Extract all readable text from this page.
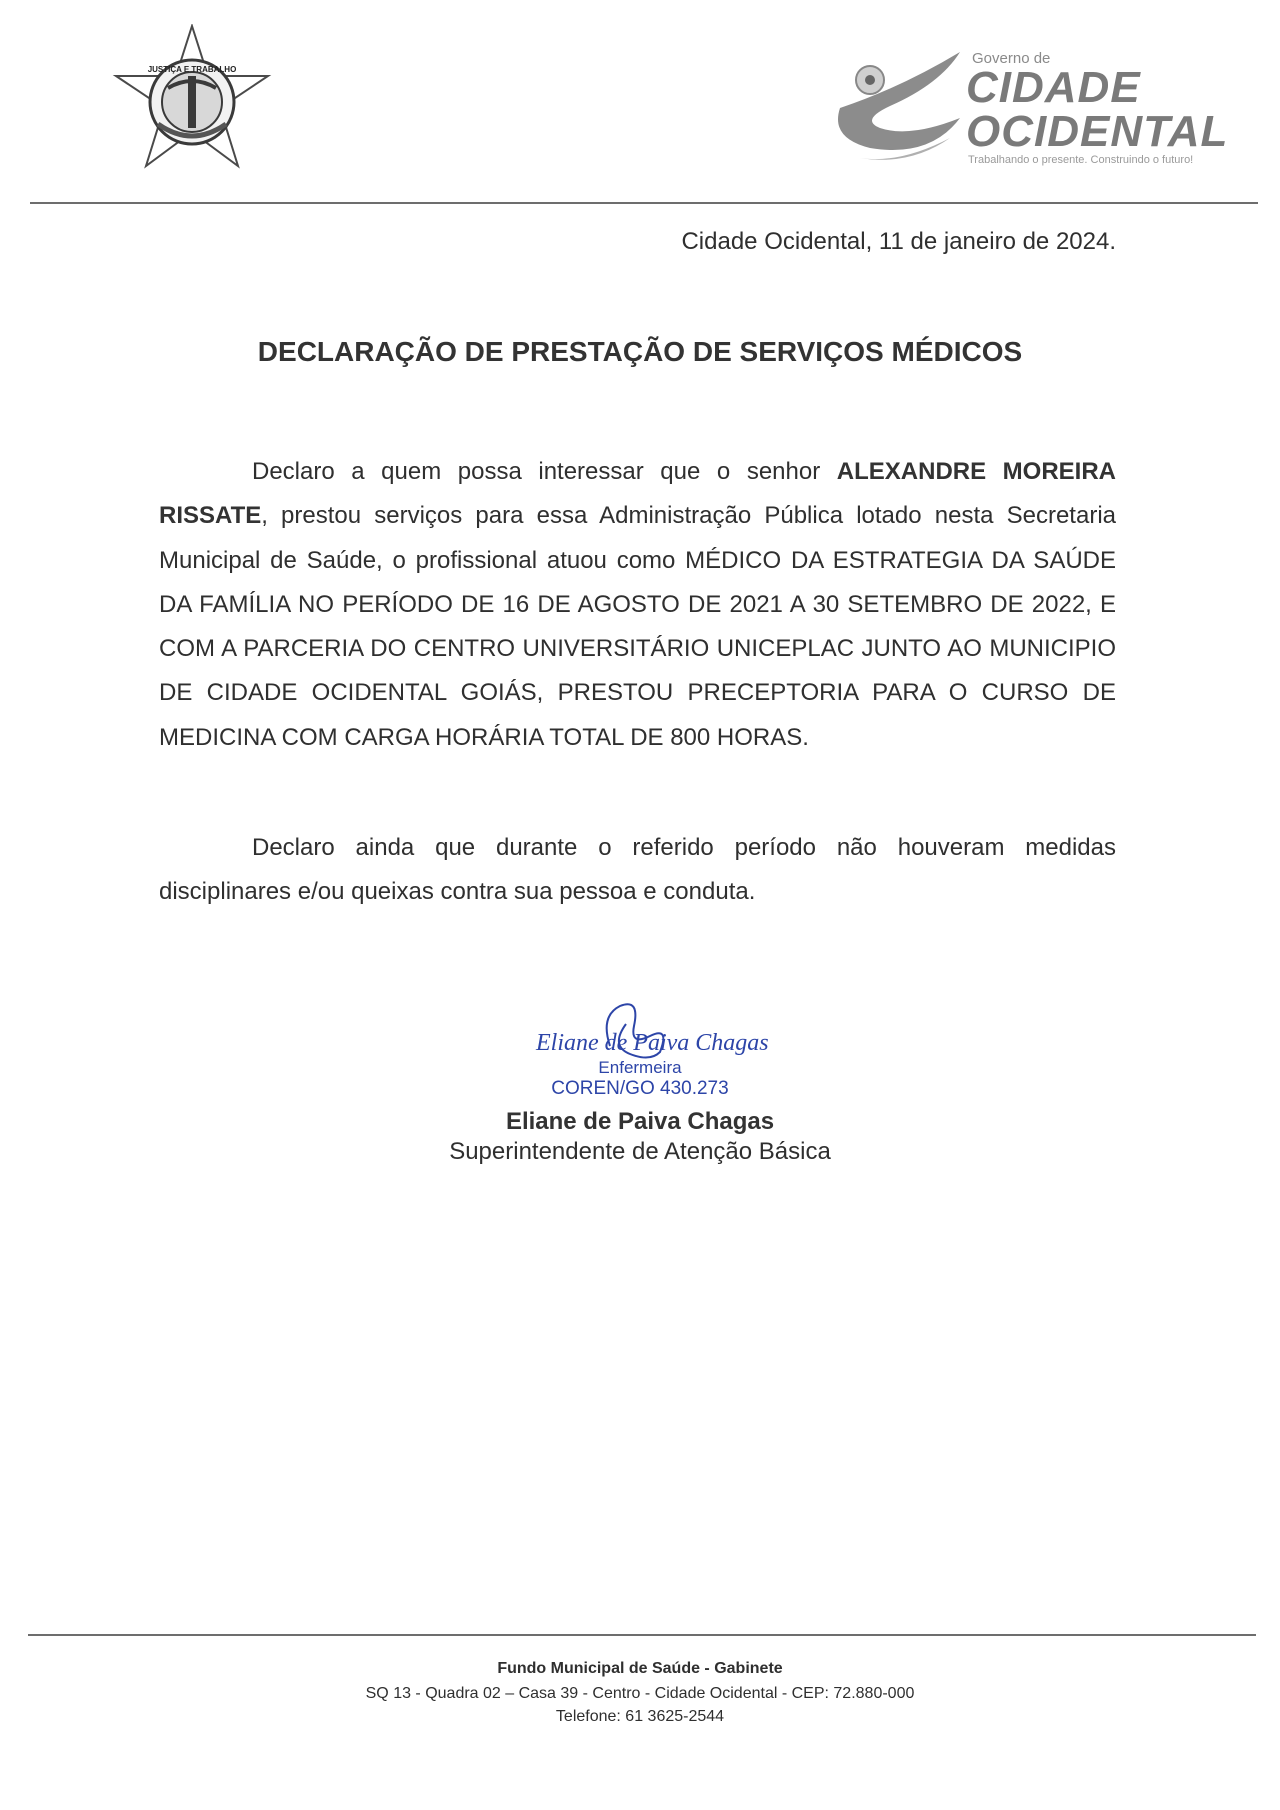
JUSTIÇA E TRABALHO
Governo de
CIDADE
OCIDENTAL
Trabalhando o presente. Construindo o futuro!
Cidade Ocidental, 11 de janeiro de 2024.
DECLARAÇÃO DE PRESTAÇÃO DE SERVIÇOS MÉDICOS
Declaro a quem possa interessar que o senhor ALEXANDRE MOREIRA RISSATE, prestou serviços para essa Administração Pública lotado nesta Secretaria Municipal de Saúde, o profissional atuou como MÉDICO DA ESTRATEGIA DA SAÚDE DA FAMÍLIA NO PERÍODO DE 16 DE AGOSTO DE 2021 A 30 SETEMBRO DE 2022, E COM A PARCERIA DO CENTRO UNIVERSITÁRIO UNICEPLAC JUNTO AO MUNICIPIO DE CIDADE OCIDENTAL GOIÁS, PRESTOU PRECEPTORIA PARA O CURSO DE MEDICINA COM CARGA HORÁRIA TOTAL DE 800 HORAS.
Declaro ainda que durante o referido período não houveram medidas disciplinares e/ou queixas contra sua pessoa e conduta.
Eliane de Paiva Chagas
Enfermeira
COREN/GO 430.273
Eliane de Paiva Chagas
Superintendente de Atenção Básica
Fundo Municipal de Saúde - Gabinete
SQ 13 - Quadra 02 – Casa 39 - Centro - Cidade Ocidental - CEP: 72.880-000
Telefone: 61 3625-2544
